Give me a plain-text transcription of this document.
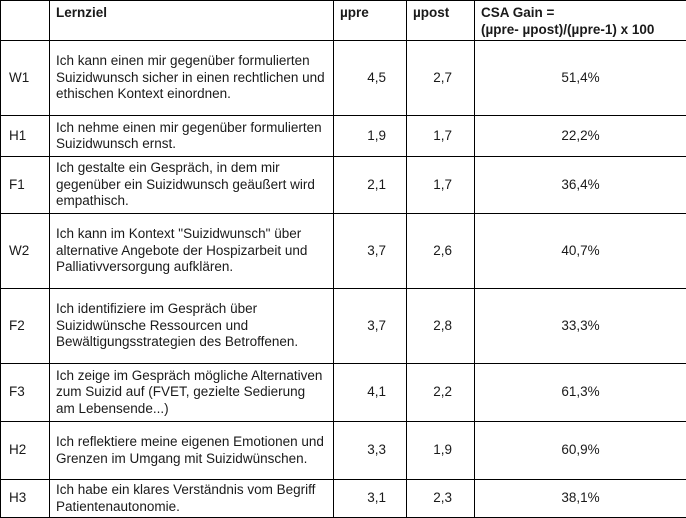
	Lernziel	µpre	µpost	CSA Gain =
(µpre- µpost)/(µpre-1) x 100
W1	Ich kann einen mir gegenüber formulierten Suizidwunsch sicher in einen rechtlichen und ethischen Kontext einordnen.	4,5	2,7	51,4%
H1	Ich nehme einen mir gegenüber formulierten Suizidwunsch ernst.	1,9	1,7	22,2%
F1	Ich gestalte ein Gespräch, in dem mir gegenüber ein Suizidwunsch geäußert wird empathisch.	2,1	1,7	36,4%
W2	Ich kann im Kontext "Suizidwunsch" über alternative Angebote der Hospizarbeit und Palliativversorgung aufklären.	3,7	2,6	40,7%
F2	Ich identifiziere im Gespräch über Suizidwünsche Ressourcen und Bewältigungsstrategien des Betroffenen.	3,7	2,8	33,3%
F3	Ich zeige im Gespräch mögliche Alternativen zum Suizid auf (FVET, gezielte Sedierung am Lebensende...)	4,1	2,2	61,3%
H2	Ich reflektiere meine eigenen Emotionen und Grenzen im Umgang mit Suizidwünschen.	3,3	1,9	60,9%
H3	Ich habe ein klares Verständnis vom Begriff Patientenautonomie.	3,1	2,3	38,1%
